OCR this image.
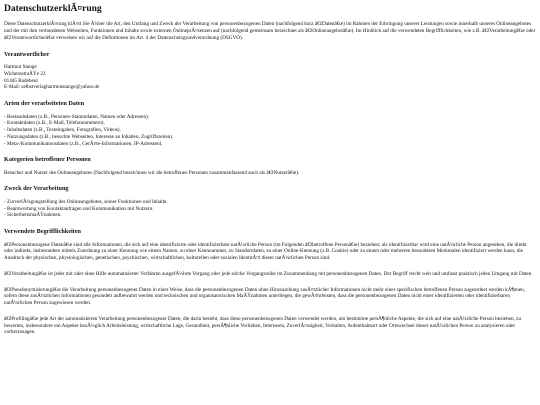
DatenschutzerklÃ¤rung

Diese DatenschutzerklÃ¤rung klÃ¤rt Sie Ã¼ber die Art, den Umfang und Zweck der Verarbeitung von personenbezogenen Daten (nachfolgend kurz â€žDatenâ€œ) im Rahmen der Erbringung unserer Leistungen sowie innerhalb unseres Onlineangebotes und der mit ihm verbundenen Webseiten, Funktionen und Inhalte sowie externen OnlineprÃ¤senzen auf (nachfolgend gemeinsam bezeichnet als â€žOnlineangebotâ€œ). Im Hinblick auf die verwendeten Begrifflichkeiten, wie z.B. â€žVerarbeitungâ€œ oder â€žVerantwortlicherâ€œ verweisen wir auf die Definitionen im Art. 4 der Datenschutzgrundverordnung (DSGVO).

Verantwortlicher
Hartmut Stange
WichernstraÃŸe 22
01445 Radebeul
E-Mail: selbstverlaghartmutstange@yahoo.de
Arten der verarbeiteten Daten
- Bestandsdaten (z.B., Personen-Stammdaten, Namen oder Adressen).
- Kontaktdaten (z.B., E-Mail, Telefonnummern).
- Inhaltsdaten (z.B., Texteingaben, Fotografien, Videos).
- Nutzungsdaten (z.B., besuchte Webseiten, Interesse an Inhalten, Zugriffszeiten).
- Meta-/Kommunikationsdaten (z.B., GerÃ¤te-Informationen, IP-Adressen).
Kategorien betroffener Personen

Besucher und Nutzer des Onlineangebotes (Nachfolgend bezeichnen wir die betroffenen Personen zusammenfassend auch als â€žNutzerâ€œ).

Zweck der Verarbeitung
- ZurverfÃ¼gungstellung des Onlineangebotes, seiner Funktionen und Inhalte.
- Beantwortung von Kontaktanfragen und Kommunikation mit Nutzern.
- SicherheitsmaÃŸnahmen.
Verwendete Begrifflichkeiten

â€žPersonenbezogene Datenâ€œ sind alle Informationen, die sich auf eine identifizierte oder identifizierbare natÃ¼rliche Person (im Folgenden â€žbetroffene Personâ€œ) beziehen; als identifizierbar wird eine natÃ¼rliche Person angesehen, die direkt oder indirekt, insbesondere mittels Zuordnung zu einer Kennung wie einem Namen, zu einer Kennnummer, zu Standortdaten, zu einer Online-Kennung (z.B. Cookie) oder zu einem oder mehreren besonderen Merkmalen identifiziert werden kann, die Ausdruck der physischen, physiologischen, genetischen, psychischen, wirtschaftlichen, kulturellen oder sozialen IdentitÃ¤t dieser natÃ¼rlichen Person sind.

â€žVerarbeitungâ€œ ist jeder mit oder ohne Hilfe automatisierter Verfahren ausgefÃ¼hrte Vorgang oder jede solche Vorgangsreihe im Zusammenhang mit personenbezogenen Daten. Der Begriff reicht weit und umfasst praktisch jeden Umgang mit Daten.

â€žPseudonymisierungâ€œ die Verarbeitung personenbezogener Daten in einer Weise, dass die personenbezogenen Daten ohne Hinzuziehung zusÃ¤tzlicher Informationen nicht mehr einer spezifischen betroffenen Person zugeordnet werden kÃ¶nnen, sofern diese zusÃ¤tzlichen Informationen gesondert aufbewahrt werden und technischen und organisatorischen MaÃŸnahmen unterliegen, die gewÃ¤hrleisten, dass die personenbezogenen Daten nicht einer identifizierten oder identifizierbaren natÃ¼rlichen Person zugewiesen werden.

â€žProfilingâ€œ jede Art der automatisierten Verarbeitung personenbezogener Daten, die darin besteht, dass diese personenbezogenen Daten verwendet werden, um bestimmte persÃ¶nliche Aspekte, die sich auf eine natÃ¼rliche Person beziehen, zu bewerten, insbesondere um Aspekte bezÃ¼glich Arbeitsleistung, wirtschaftliche Lage, Gesundheit, persÃ¶nliche Vorlieben, Interessen, ZuverlÃ¤ssigkeit, Verhalten, Aufenthaltsort oder Ortswechsel dieser natÃ¼rlichen Person zu analysieren oder vorherzusagen.
